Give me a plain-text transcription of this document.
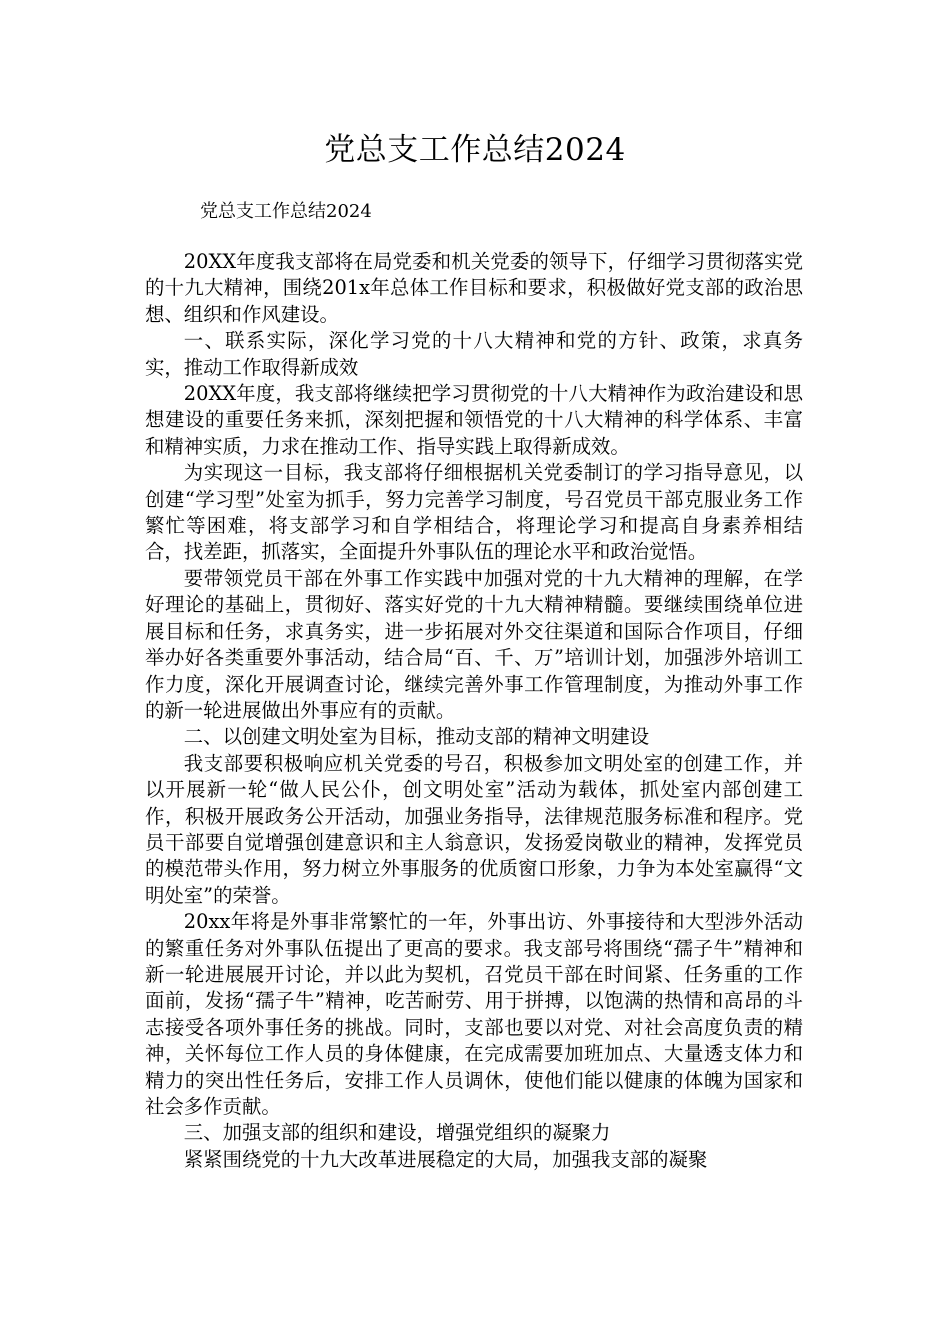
党总支工作总结2024

党总支工作总结2024

20XX年度我支部将在局党委和机关党委的领导下，仔细学习贯彻落实党的十九大精神，围绕201x年总体工作目标和要求，积极做好党支部的政治思想、组织和作风建设。

一、联系实际，深化学习党的十八大精神和党的方针、政策，求真务实，推动工作取得新成效

20XX年度，我支部将继续把学习贯彻党的十八大精神作为政治建设和思想建设的重要任务来抓，深刻把握和领悟党的十八大精神的科学体系、丰富和精神实质，力求在推动工作、指导实践上取得新成效。

为实现这一目标，我支部将仔细根据机关党委制订的学习指导意见，以创建“学习型”处室为抓手，努力完善学习制度，号召党员干部克服业务工作繁忙等困难，将支部学习和自学相结合，将理论学习和提高自身素养相结合，找差距，抓落实，全面提升外事队伍的理论水平和政治觉悟。

要带领党员干部在外事工作实践中加强对党的十九大精神的理解，在学好理论的基础上，贯彻好、落实好党的十九大精神精髓。要继续围绕单位进展目标和任务，求真务实，进一步拓展对外交往渠道和国际合作项目，仔细举办好各类重要外事活动，结合局“百、千、万”培训计划，加强涉外培训工作力度，深化开展调查讨论，继续完善外事工作管理制度，为推动外事工作的新一轮进展做出外事应有的贡献。

二、以创建文明处室为目标，推动支部的精神文明建设

我支部要积极响应机关党委的号召，积极参加文明处室的创建工作，并以开展新一轮“做人民公仆，创文明处室”活动为载体，抓处室内部创建工作，积极开展政务公开活动，加强业务指导，法律规范服务标准和程序。党员干部要自觉增强创建意识和主人翁意识，发扬爱岗敬业的精神，发挥党员的模范带头作用，努力树立外事服务的优质窗口形象，力争为本处室赢得“文明处室”的荣誉。

20xx年将是外事非常繁忙的一年，外事出访、外事接待和大型涉外活动的繁重任务对外事队伍提出了更高的要求。我支部号将围绕“孺子牛”精神和新一轮进展展开讨论，并以此为契机，召党员干部在时间紧、任务重的工作面前，发扬“孺子牛”精神，吃苦耐劳、用于拼搏，以饱满的热情和高昂的斗志接受各项外事任务的挑战。同时，支部也要以对党、对社会高度负责的精神，关怀每位工作人员的身体健康，在完成需要加班加点、大量透支体力和精力的突出性任务后，安排工作人员调休，使他们能以健康的体魄为国家和社会多作贡献。

三、加强支部的组织和建设，增强党组织的凝聚力

紧紧围绕党的十九大改革进展稳定的大局，加强我支部的凝聚
